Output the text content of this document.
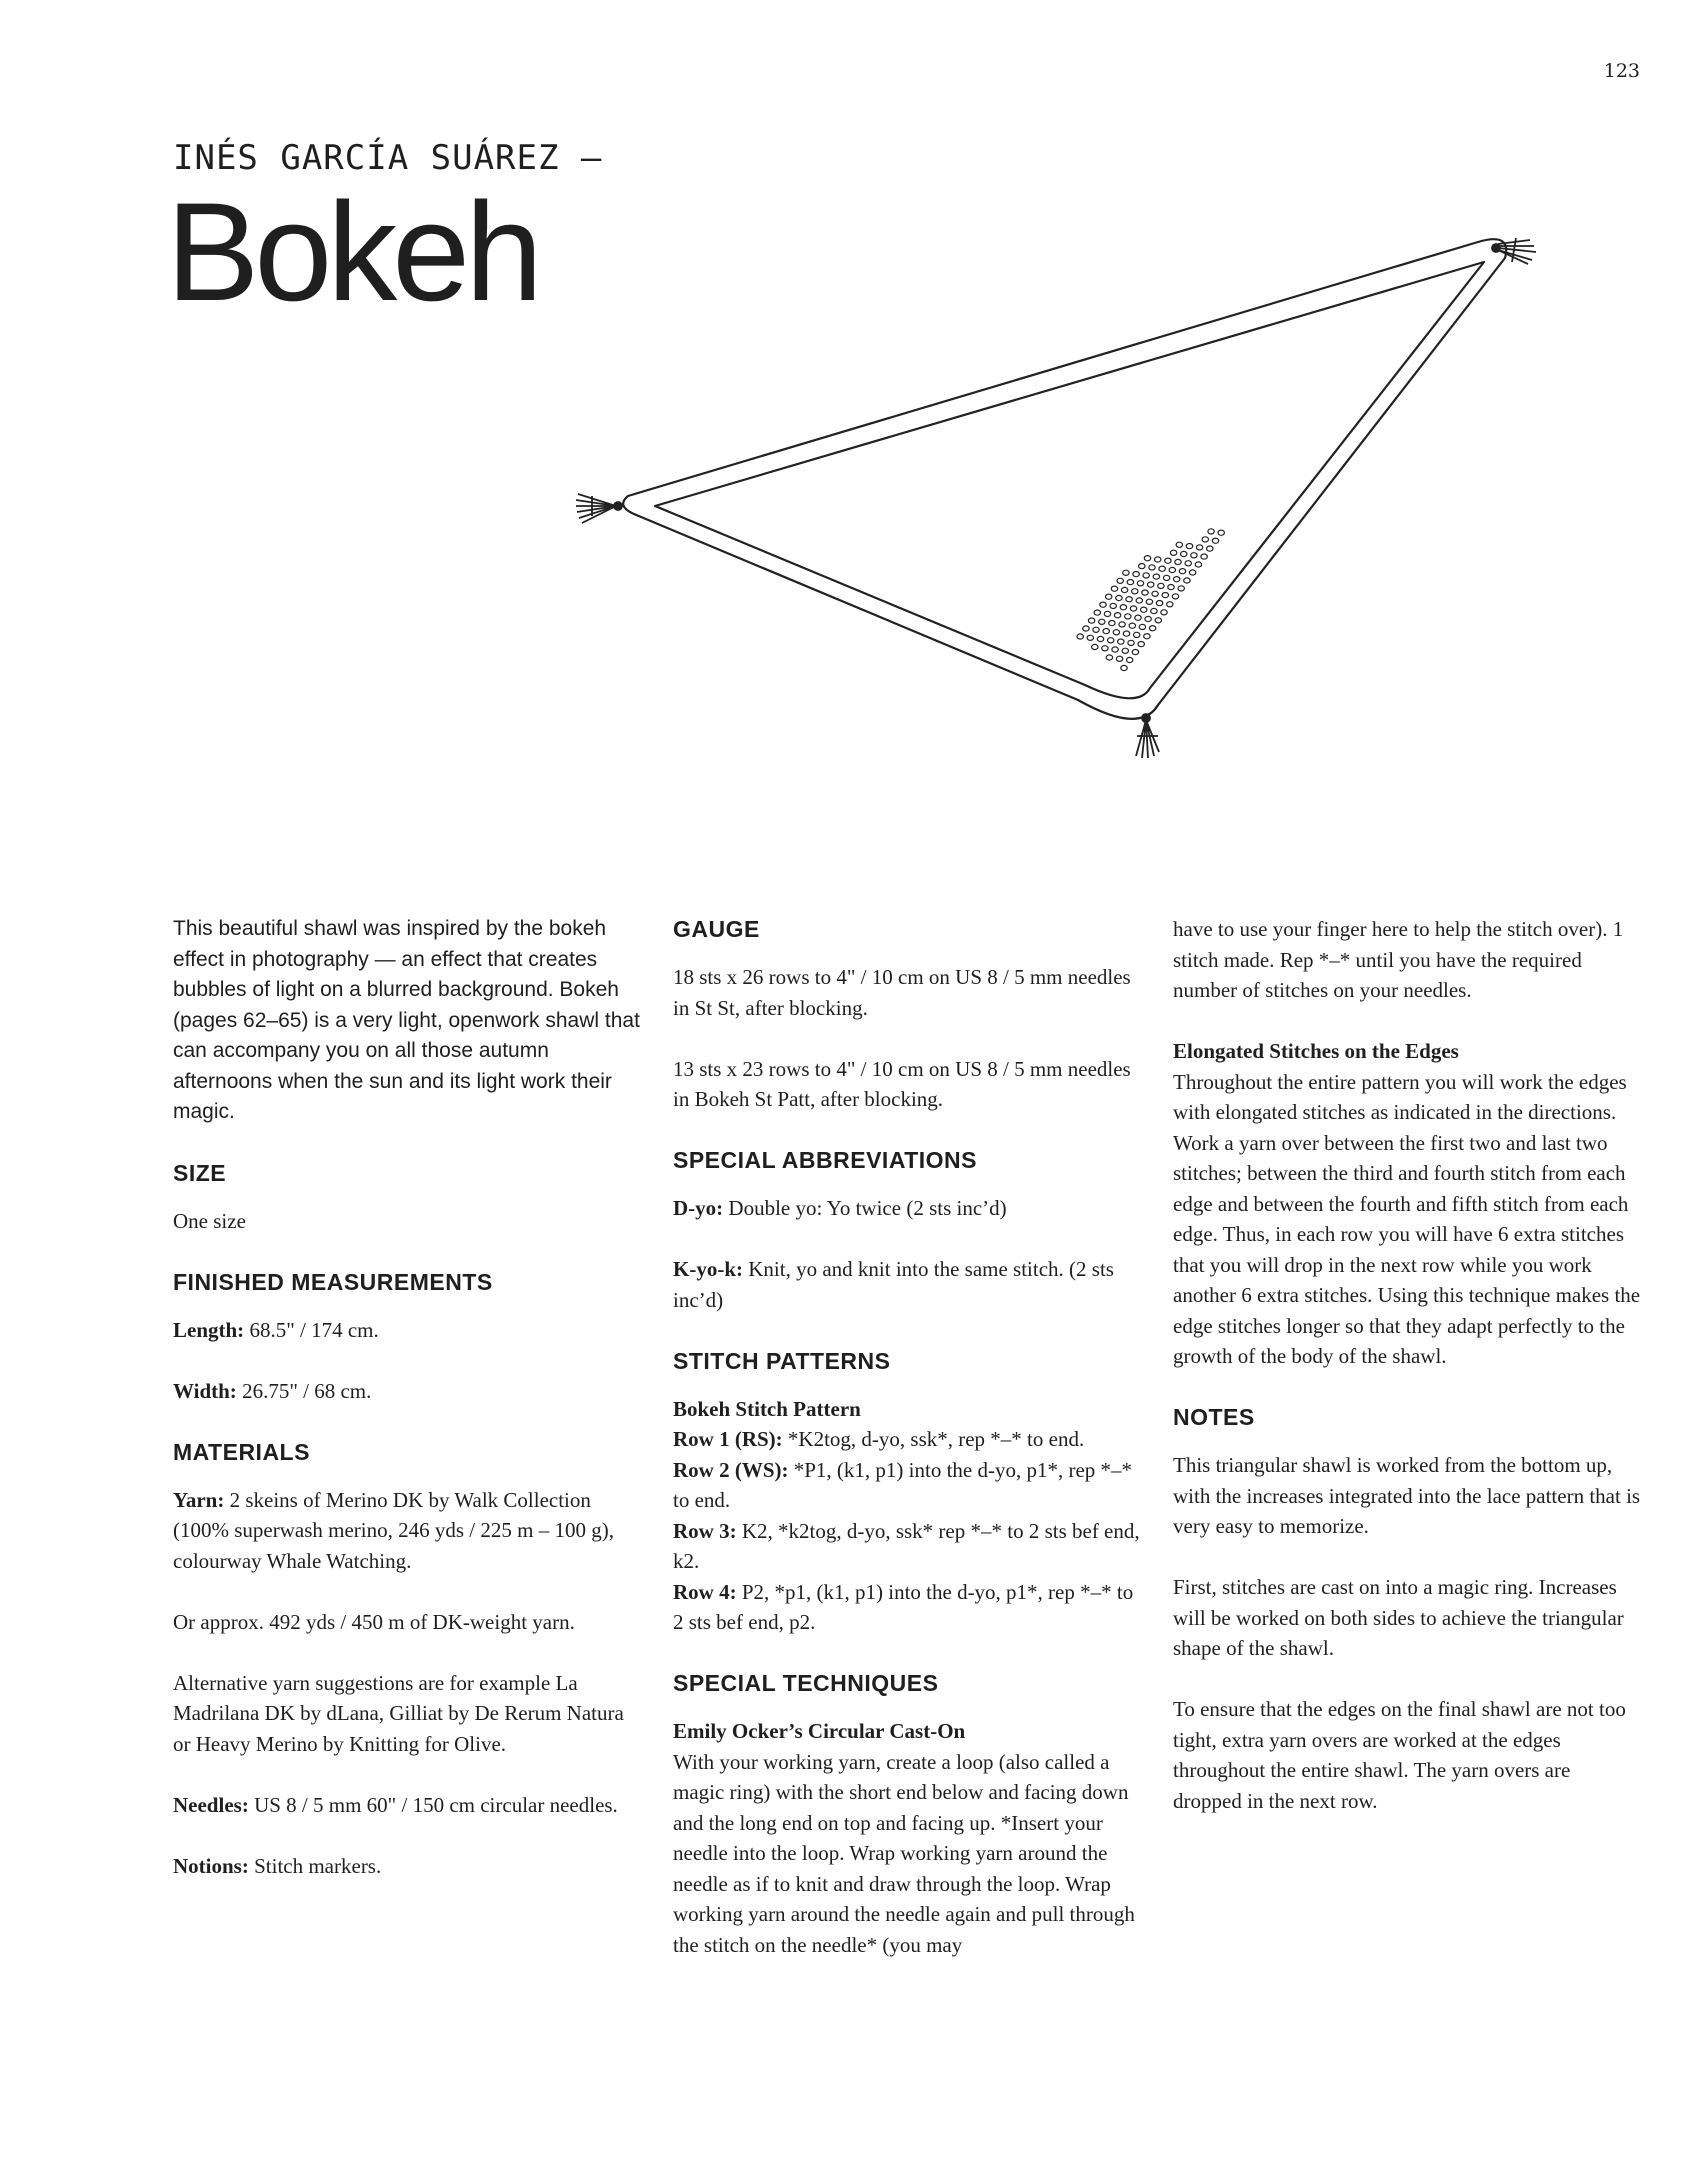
123
INÉS GARCÍA SUÁREZ –
Bokeh

This beautiful shawl was inspired by the bokeh effect in photography — an effect that creates bubbles of light on a blurred background. Bokeh (pages 62–65) is a very light, openwork shawl that can accompany you on all those autumn afternoons when the sun and its light work their magic.

SIZE

One size

FINISHED MEASUREMENTS

Length: 68.5" / 174 cm.

Width: 26.75" / 68 cm.

MATERIALS

Yarn: 2 skeins of Merino DK by Walk Collection (100% superwash merino, 246 yds / 225 m – 100 g), colourway Whale Watching.

Or approx. 492 yds / 450 m of DK-weight yarn.

Alternative yarn suggestions are for example La Madrilana DK by dLana, Gilliat by De Rerum Natura or Heavy Merino by Knitting for Olive.

Needles: US 8 / 5 mm 60" / 150 cm circular needles.

Notions: Stitch markers.

GAUGE

18 sts x 26 rows to 4" / 10 cm on US 8 / 5 mm needles in St St, after blocking.

13 sts x 23 rows to 4" / 10 cm on US 8 / 5 mm needles in Bokeh St Patt, after blocking.

SPECIAL ABBREVIATIONS

D-yo: Double yo: Yo twice (2 sts inc’d)

K-yo-k: Knit, yo and knit into the same stitch. (2 sts inc’d)

STITCH PATTERNS
Bokeh Stitch Pattern
Row 1 (RS): *K2tog, d-yo, ssk*, rep *–* to end.
Row 2 (WS): *P1, (k1, p1) into the d-yo, p1*, rep *–* to end.
Row 3: K2, *k2tog, d-yo, ssk* rep *–* to 2 sts bef end, k2.
Row 4: P2, *p1, (k1, p1) into the d-yo, p1*, rep *–* to 2 sts bef end, p2.
SPECIAL TECHNIQUES
Emily Ocker’s Circular Cast-On

With your working yarn, create a loop (also called a magic ring) with the short end below and facing down and the long end on top and facing up. *Insert your needle into the loop. Wrap working yarn around the needle as if to knit and draw through the loop. Wrap working yarn around the needle again and pull through the stitch on the needle* (you may

have to use your finger here to help the stitch over). 1 stitch made. Rep *–* until you have the required number of stitches on your needles.

Elongated Stitches on the Edges

Throughout the entire pattern you will work the edges with elongated stitches as indicated in the directions. Work a yarn over between the first two and last two stitches; between the third and fourth stitch from each edge and between the fourth and fifth stitch from each edge. Thus, in each row you will have 6 extra stitches that you will drop in the next row while you work another 6 extra stitches. Using this technique makes the edge stitches longer so that they adapt perfectly to the growth of the body of the shawl.

NOTES

This triangular shawl is worked from the bottom up, with the increases integrated into the lace pattern that is very easy to memorize.

First, stitches are cast on into a magic ring. Increases will be worked on both sides to achieve the triangular shape of the shawl.

To ensure that the edges on the final shawl are not too tight, extra yarn overs are worked at the edges throughout the entire shawl. The yarn overs are dropped in the next row.
